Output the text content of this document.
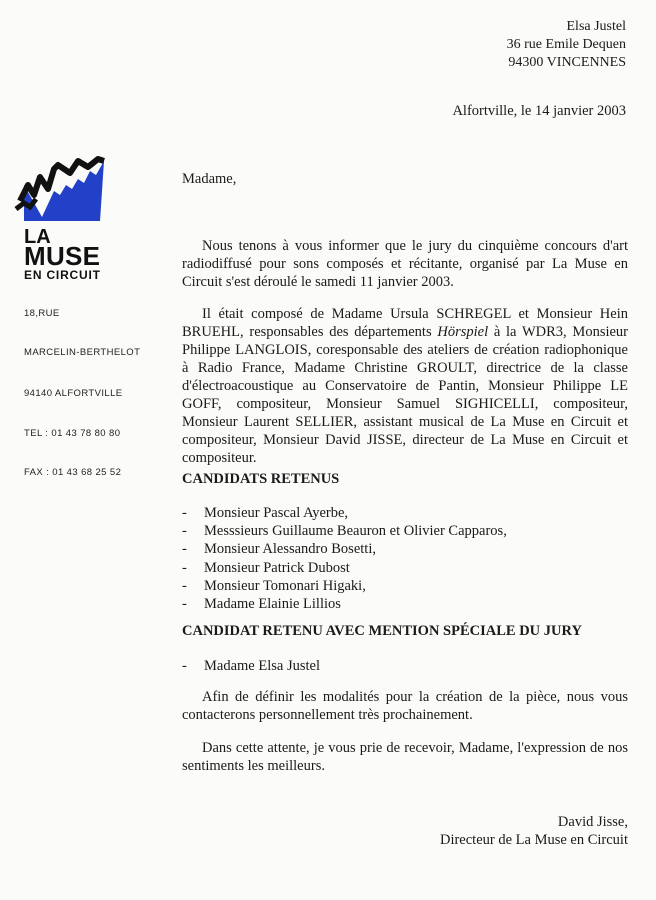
Elsa Justel
36 rue Emile Dequen
94300 VINCENNES
Alfortville, le 14 janvier 2003
LA
MUSE
EN CIRCUIT
18,RUE
MARCELIN-BERTHELOT
94140 ALFORTVILLE
TEL : 01 43 78 80 80
FAX : 01 43 68 25 52
Madame,

Nous tenons à vous informer que le jury du cinquième concours d'art radiodiffusé pour sons composés et récitante, organisé par La Muse en Circuit s'est déroulé le samedi 11 janvier 2003.

Il était composé de Madame Ursula SCHREGEL et Monsieur Hein BRUEHL, responsables des départements Hörspiel à la WDR3, Monsieur Philippe LANGLOIS, coresponsable des ateliers de création radiophonique à Radio France, Madame Christine GROULT, directrice de la classe d'électroacoustique au Conservatoire de Pantin, Monsieur Philippe LE GOFF, compositeur, Monsieur Samuel SIGHICELLI, compositeur, Monsieur Laurent SELLIER, assistant musical de La Muse en Circuit et compositeur, Monsieur David JISSE, directeur de La Muse en Circuit et compositeur.

CANDIDATS RETENUS
- Monsieur Pascal Ayerbe,
- Messsieurs Guillaume Beauron et Olivier Capparos,
- Monsieur Alessandro Bosetti,
- Monsieur Patrick Dubost
- Monsieur Tomonari Higaki,
- Madame Elainie Lillios
CANDIDAT RETENU AVEC MENTION SPÉCIALE DU JURY
- Madame Elsa Justel

Afin de définir les modalités pour la création de la pièce, nous vous contacterons personnellement très prochainement.

Dans cette attente, je vous prie de recevoir, Madame, l'expression de nos sentiments les meilleurs.

David Jisse,
Directeur de La Muse en Circuit
